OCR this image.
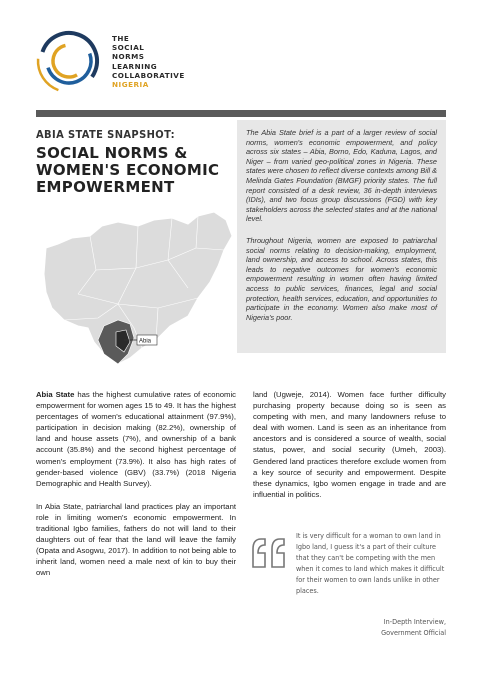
THE
SOCIAL
NORMS
LEARNING
COLLABORATIVE
NIGERIA
ABIA STATE SNAPSHOT:
SOCIAL NORMS &
WOMEN'S ECONOMIC
EMPOWERMENT
Abia

The Abia State brief is a part of a larger review of social norms, women's economic empowerment, and policy across six states – Abia, Borno, Edo, Kaduna, Lagos, and Niger – from varied geo-political zones in Nigeria. These states were chosen to reflect diverse contexts among Bill & Melinda Gates Foundation (BMGF) priority states. The full report consisted of a desk review, 36 in-depth interviews (IDIs), and two focus group discussions (FGD) with key stakeholders across the selected states and at the national level.

Throughout Nigeria, women are exposed to patriarchal social norms relating to decision-making, employment, land ownership, and access to school. Across states, this leads to negative outcomes for women's economic empowerment resulting in women often having limited access to public services, finances, legal and social protection, health services, education, and opportunities to participate in the economy. Women also make most of Nigeria's poor.

Abia State has the highest cumulative rates of economic empowerment for women ages 15 to 49. It has the highest percentages of women's educational attainment (97.9%), participation in decision making (82.2%), ownership of land and house assets (7%), and ownership of a bank account (35.8%) and the second highest percentage of women's employment (73.9%). It also has high rates of gender-based violence (GBV) (33.7%) (2018 Nigeria Demographic and Health Survey).

In Abia State, patriarchal land practices play an important role in limiting women's economic empowerment. In traditional Igbo families, fathers do not will land to their daughters out of fear that the land will leave the family (Opata and Asogwu, 2017). In addition to not being able to inherit land, women need a male next of kin to buy their own

land (Ugweje, 2014). Women face further difficulty purchasing property because doing so is seen as competing with men, and many landowners refuse to deal with women. Land is seen as an inheritance from ancestors and is considered a source of wealth, social status, power, and social security (Umeh, 2003). Gendered land practices therefore exclude women from a key source of security and empowerment. Despite these dynamics, Igbo women engage in trade and are influential in politics.

It is very difficult for a woman to own land in Igbo land, I guess it's a part of their culture that they can't be competing with the men when it comes to land which makes it difficult for their women to own lands unlike in other places.
In-Depth Interview,
Government Official
